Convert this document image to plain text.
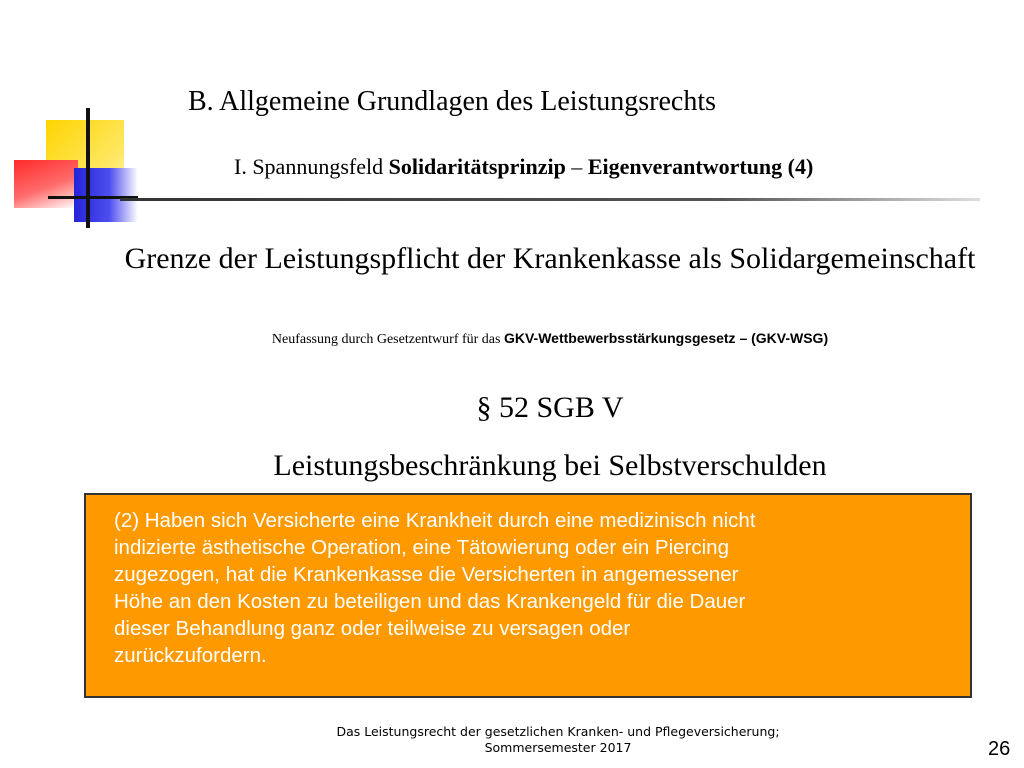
B. Allgemeine Grundlagen des Leistungsrechts
I. Spannungsfeld Solidaritätsprinzip – Eigenverantwortung (4)
Grenze der Leistungspflicht der Krankenkasse als Solidargemeinschaft
Neufassung durch Gesetzentwurf für das GKV-Wettbewerbsstärkungsgesetz – (GKV-WSG)
§ 52 SGB V
Leistungsbeschränkung bei Selbstverschulden
(2) Haben sich Versicherte eine Krankheit durch eine medizinisch nicht
indizierte ästhetische Operation, eine Tätowierung oder ein Piercing
zugezogen, hat die Krankenkasse die Versicherten in angemessener
Höhe an den Kosten zu beteiligen und das Krankengeld für die Dauer
dieser Behandlung ganz oder teilweise zu versagen oder
zurückzufordern.
Das Leistungsrecht der gesetzlichen Kranken- und Pflegeversicherung;
Sommersemester 2017	26
